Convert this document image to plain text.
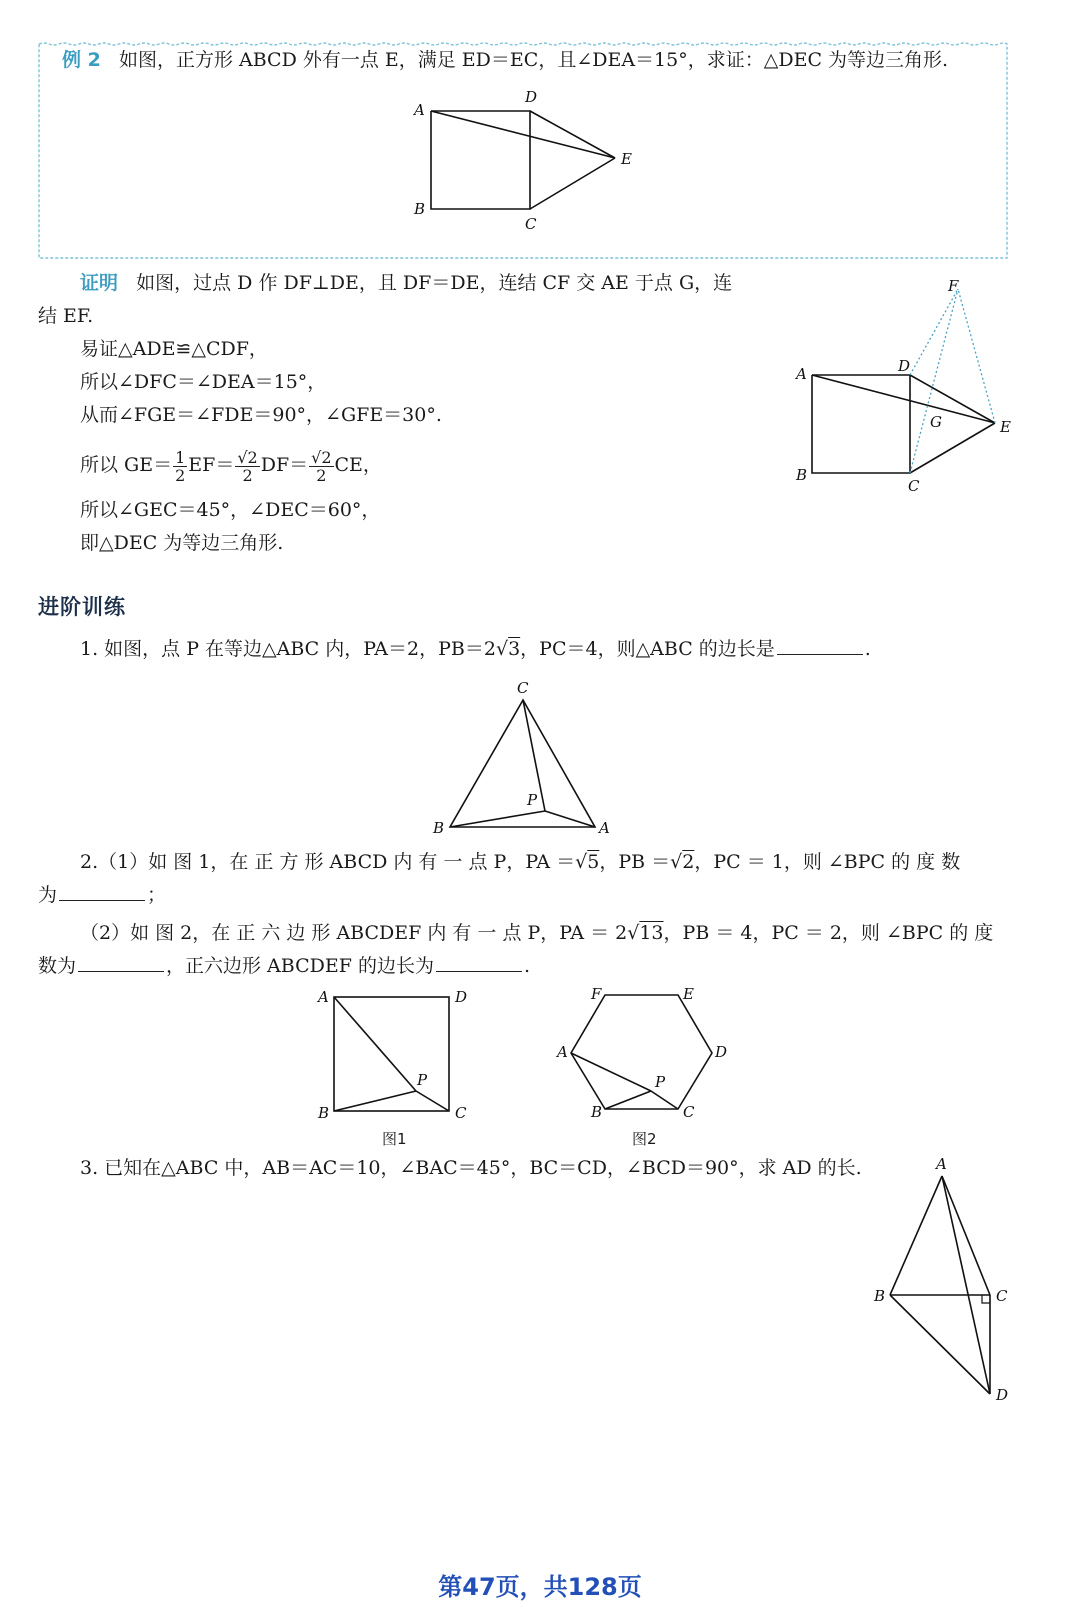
例 2 如图，正方形 ABCD 外有一点 E，满足 ED＝EC，且∠DEA＝15°，求证：△DEC 为等边三角形.
A
B
C
D
E
证明 如图，过点 D 作 DF⊥DE，且 DF＝DE，连结 CF 交 AE 于点 G，连
结 EF.
易证△ADE≌△CDF，
所以∠DFC＝∠DEA＝15°，
从而∠FGE＝∠FDE＝90°，∠GFE＝30°.
所以 $GE= \frac{1}{2} EF= \frac{√2}{2} DF= \frac{√2}{2}$ CE，
所以∠GEC＝45°，∠DEC＝60°，
即△DEC 为等边三角形.
A
B
C
D
E
F
G
进阶训练
1. 如图，点 P 在等边△ABC 内，PA＝2，PB＝2√3，PC＝4，则△ABC 的边长是	.
C
B	A
P
2.（1）如 图 1，在 正 方 形 ABCD 内 有 一 点 P，PA ＝√5，PB ＝√2，PC ＝ 1，则 ∠BPC 的 度 数
为	；
（2）如 图 2，在 正 六 边 形 ABCDEF 内 有 一 点 P，PA ＝ 2√13，PB ＝ 4，PC ＝ 2，则 ∠BPC 的 度
数为	，正六边形 ABCDEF 的边长为	.
A	D
B	C
P
图1
F	E
D
A
B	C
P
图2
3. 已知在△ABC 中，AB＝AC＝10，∠BAC＝45°，BC＝CD，∠BCD＝90°，求 AD 的长.	A
B	C
D
第47页，共128页
